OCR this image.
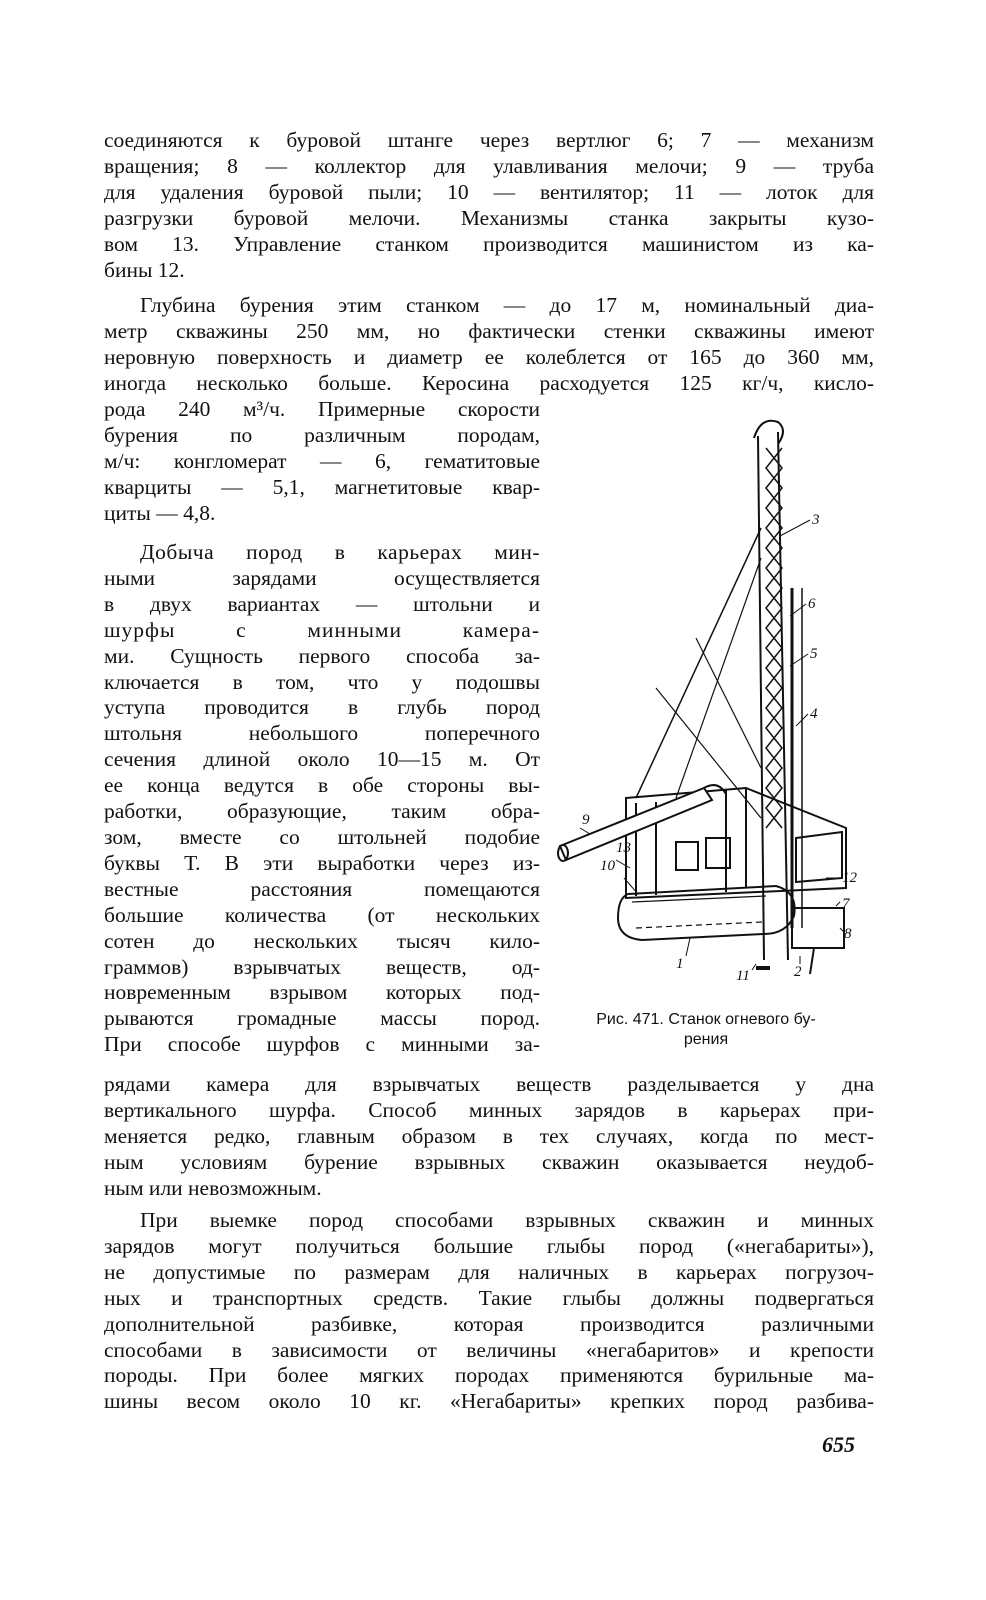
соединяются к буровой штанге через вертлюг 6; 7 — механизм
вращения; 8 — коллектор для улавливания мелочи; 9 — труба
для удаления буровой пыли; 10 — вентилятор; 11 — лоток для
разгрузки буровой мелочи. Механизмы станка закрыты кузо-
вом 13. Управление станком производится машинистом из ка-
бины 12.
Глубина бурения этим станком — до 17 м, номинальный диа-
метр скважины 250 мм, но фактически стенки скважины имеют
неровную поверхность и диаметр ее колеблется от 165 до 360 мм,
иногда несколько больше. Керосина расходуется 125 кг/ч, кисло-
рода 240 м³/ч. Примерные скорости
бурения по различным породам,
м/ч: конгломерат — 6, гематитовые
кварциты — 5,1, магнетитовые квар-
циты — 4,8.
Добыча пород в карьерах мин-
ными зарядами осуществляется
в двух вариантах — штольни и
шурфы с минными камера-
ми. Сущность первого способа за-
ключается в том, что у подошвы
уступа проводится в глубь пород
штольня небольшого поперечного
сечения длиной около 10—15 м. От
ее конца ведутся в обе стороны вы-
работки, образующие, таким обра-
зом, вместе со штольней подобие
буквы Т. В эти выработки через из-
вестные расстояния помещаются
большие количества (от нескольких
сотен до нескольких тысяч кило-
граммов) взрывчатых веществ, од-
новременным взрывом которых под-
рываются громадные массы пород.
При способе шурфов с минными за-
рядами камера для взрывчатых веществ разделывается у дна
вертикального шурфа. Способ минных зарядов в карьерах при-
меняется редко, главным образом в тех случаях, когда по мест-
ным условиям бурение взрывных скважин оказывается неудоб-
ным или невозможным.
При выемке пород способами взрывных скважин и минных
зарядов могут получиться большие глыбы пород («негабариты»),
не допустимые по размерам для наличных в карьерах погрузоч-
ных и транспортных средств. Такие глыбы должны подвергаться
дополнительной разбивке, которая производится различными
способами в зависимости от величины «негабаритов» и крепости
породы. При более мягких породах применяются бурильные ма-
шины весом около 10 кг. «Негабариты» крепких пород разбива-
3
6
5
4
12
7
8
2
11
1
10
13
9
Рис. 471. Станок огневого бу-
рения
655
